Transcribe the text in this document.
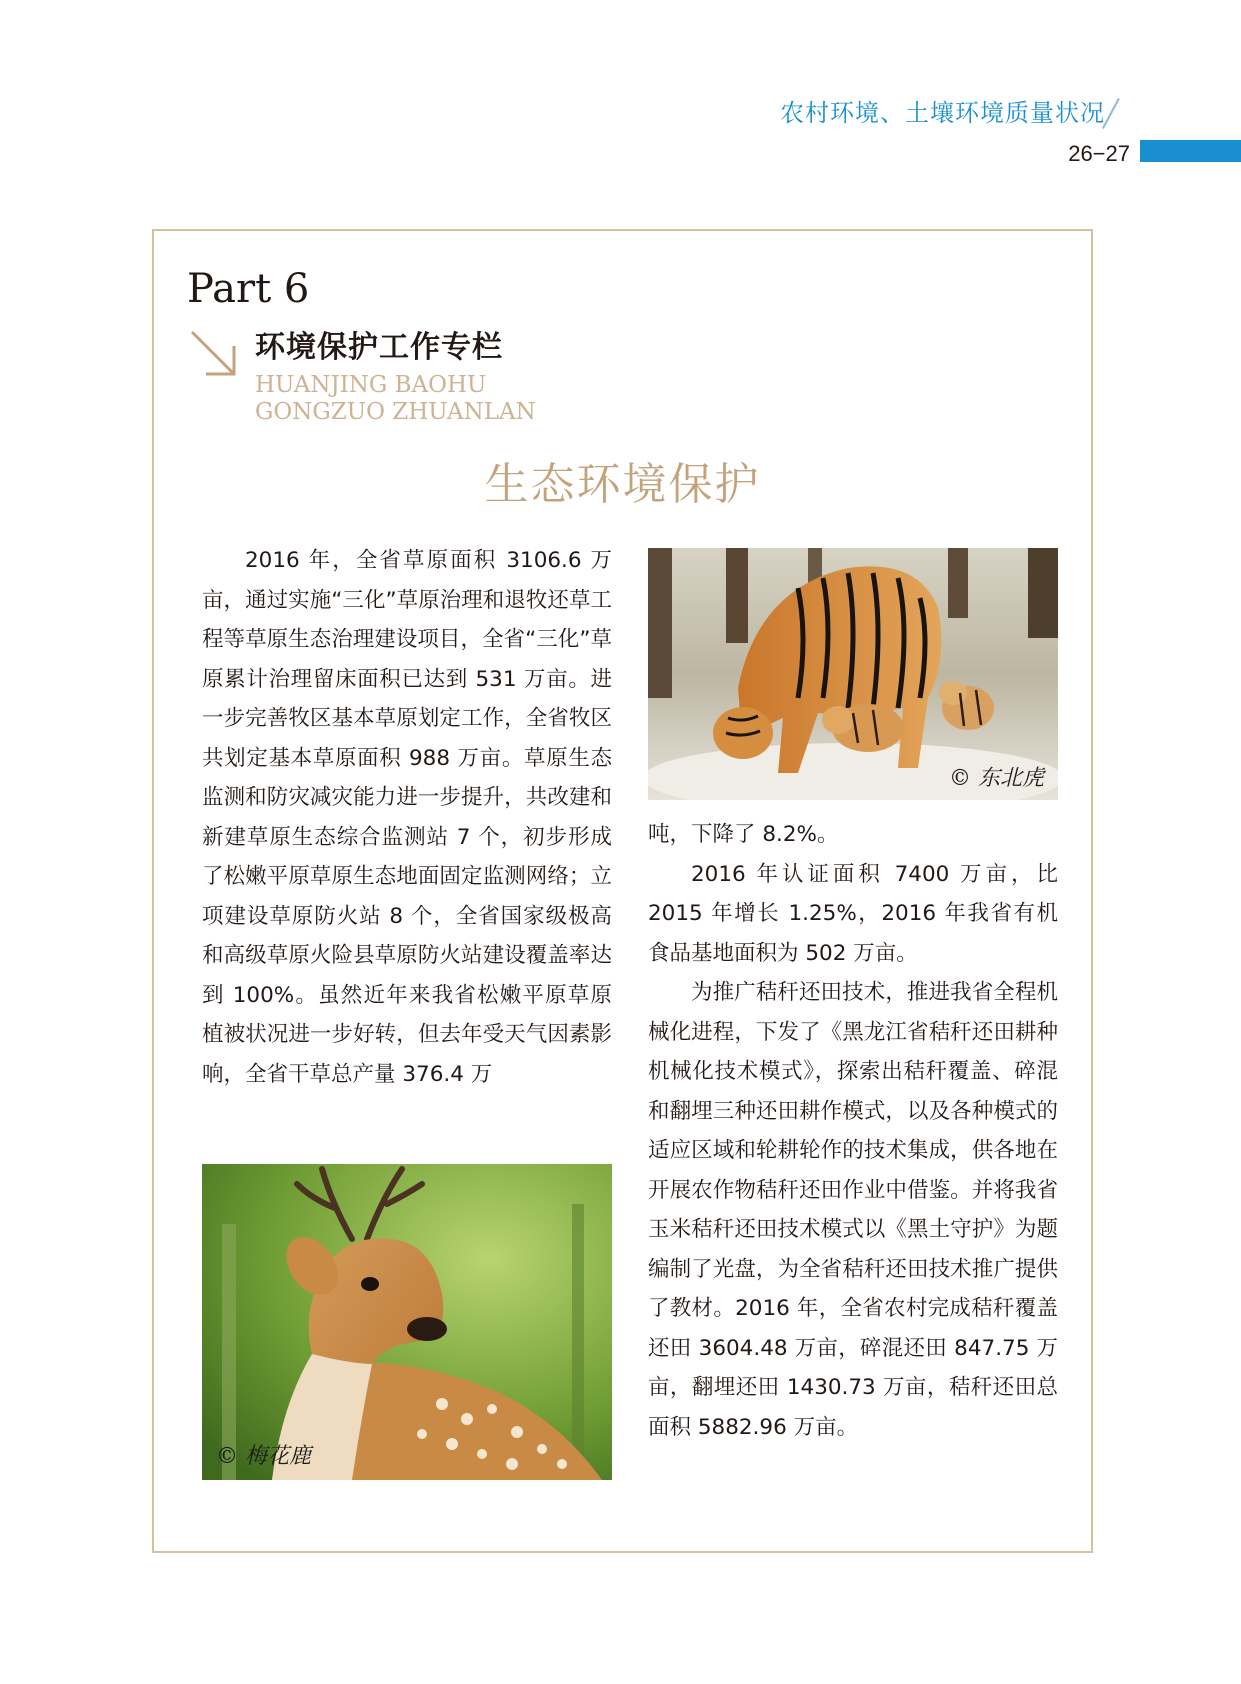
农村环境、土壤环境质量状况
26−27
Part 6
环境保护工作专栏
HUANJING BAOHU
GONGZUO ZHUANLAN
生态环境保护

2016 年，全省草原面积 3106.6 万亩，通过实施“三化”草原治理和退牧还草工程等草原生态治理建设项目，全省“三化”草原累计治理留床面积已达到 531 万亩。进一步完善牧区基本草原划定工作，全省牧区共划定基本草原面积 988 万亩。草原生态监测和防灾减灾能力进一步提升，共改建和新建草原生态综合监测站 7 个，初步形成了松嫩平原草原生态地面固定监测网络；立项建设草原防火站 8 个，全省国家级极高和高级草原火险县草原防火站建设覆盖率达到 100%。虽然近年来我省松嫩平原草原植被状况进一步好转，但去年受天气因素影响，全省干草总产量 376.4 万

© 东北虎

吨，下降了 8.2%。

2016 年认证面积 7400 万亩，比 2015 年增长 1.25%，2016 年我省有机食品基地面积为 502 万亩。

为推广秸秆还田技术，推进我省全程机械化进程，下发了《黑龙江省秸秆还田耕种机械化技术模式》，探索出秸秆覆盖、碎混和翻埋三种还田耕作模式，以及各种模式的适应区域和轮耕轮作的技术集成，供各地在开展农作物秸秆还田作业中借鉴。并将我省玉米秸秆还田技术模式以《黑土守护》为题编制了光盘，为全省秸秆还田技术推广提供了教材。2016 年，全省农村完成秸秆覆盖还田 3604.48 万亩，碎混还田 847.75 万亩，翻埋还田 1430.73 万亩，秸秆还田总面积 5882.96 万亩。

© 梅花鹿
